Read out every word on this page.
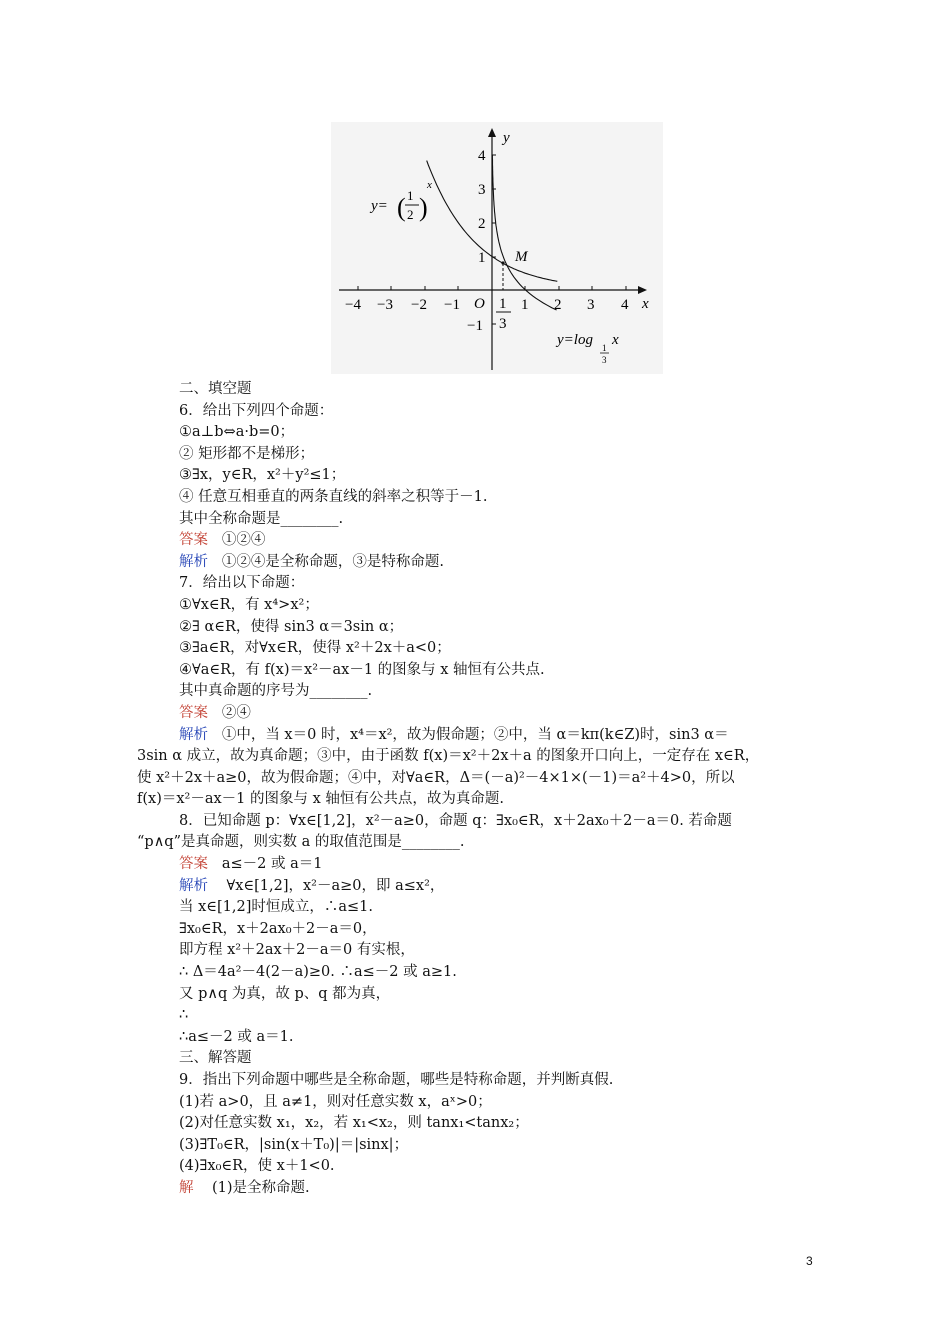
y
x
O
−4 −3 −2 −1	1 2 3 4
4
3
2
1
−1
1
3
M
y= ( 1
2 )
x
y=log 1
3
x
二、填空题
6．给出下列四个命题：
①a⊥b⇔a·b=0；
② 矩形都不是梯形；
③∃x，y∈R，x²＋y²≤1；
④ 任意互相垂直的两条直线的斜率之积等于－1.
其中全称命题是________.
答案 ①②④
解析 ①②④是全称命题，③是特称命题.
7．给出以下命题：
①∀x∈R，有 x⁴>x²；
②∃ α∈R，使得 sin3 α＝3sin α；
③∃a∈R，对∀x∈R，使得 x²＋2x＋a<0；
④∀a∈R，有 f(x)＝x²－ax－1 的图象与 x 轴恒有公共点.
其中真命题的序号为________.
答案 ②④
解析 ①中，当 x＝0 时，x⁴＝x²，故为假命题；②中，当 α＝kπ(k∈Z)时，sin3 α＝
3sin α 成立，故为真命题；③中，由于函数 f(x)＝x²＋2x＋a 的图象开口向上，一定存在 x∈R，
使 x²＋2x＋a≥0，故为假命题；④中，对∀a∈R，Δ＝(－a)²－4×1×(－1)＝a²＋4>0，所以
f(x)＝x²－ax－1 的图象与 x 轴恒有公共点，故为真命题.
8．已知命题 p：∀x∈[1,2]，x²－a≥0，命题 q：∃x₀∈R，x＋2ax₀＋2－a＝0. 若命题
“p∧q”是真命题，则实数 a 的取值范围是________.
答案 a≤－2 或 a＝1
解析 ∀x∈[1,2]，x²－a≥0，即 a≤x²，
当 x∈[1,2]时恒成立，∴a≤1.
∃x₀∈R，x＋2ax₀＋2－a＝0，
即方程 x²＋2ax＋2－a＝0 有实根，
∴ Δ＝4a²－4(2－a)≥0. ∴a≤－2 或 a≥1.
又 p∧q 为真，故 p、q 都为真，
∴
∴a≤－2 或 a＝1.
三、解答题
9．指出下列命题中哪些是全称命题，哪些是特称命题，并判断真假.
(1)若 a>0，且 a≠1，则对任意实数 x，aˣ>0；
(2)对任意实数 x₁，x₂，若 x₁<x₂，则 tanx₁<tanx₂；
(3)∃T₀∈R，|sin(x＋T₀)|＝|sinx|；
(4)∃x₀∈R，使 x＋1<0.
解 (1)是全称命题.
3
